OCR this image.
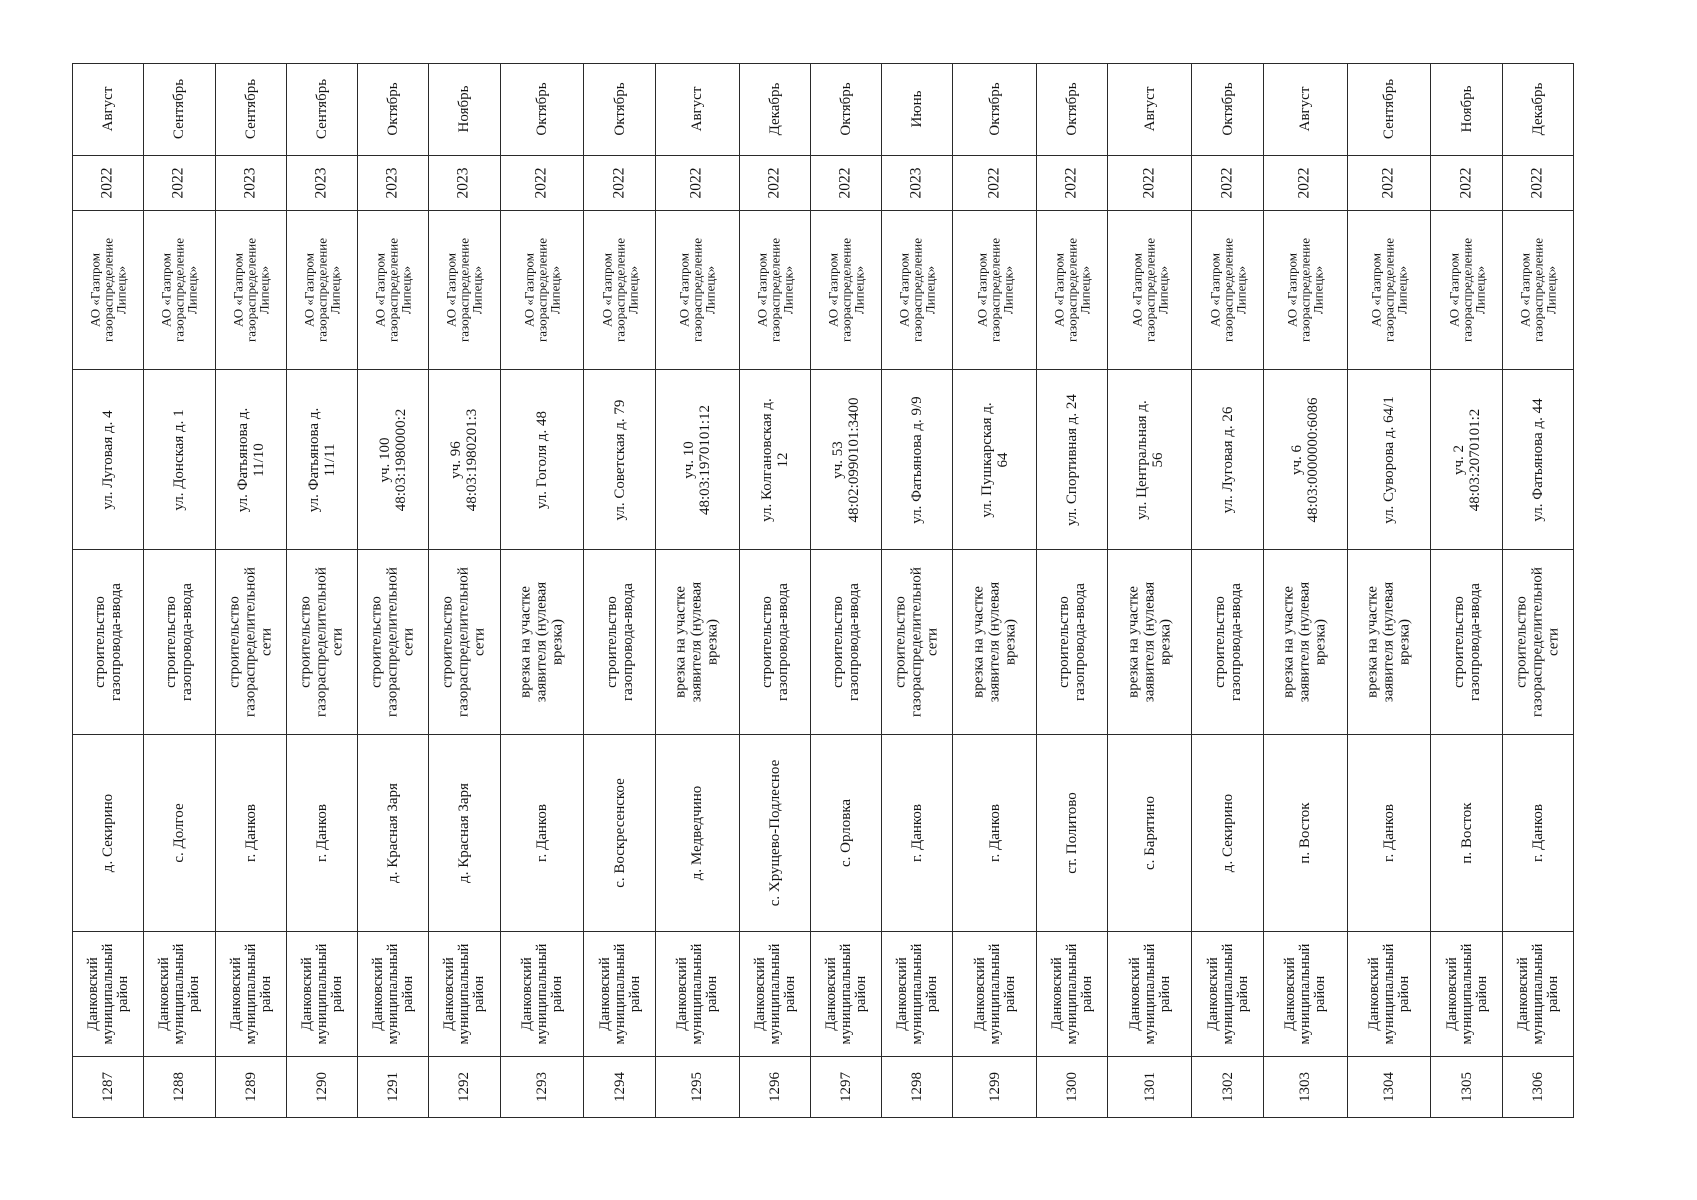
Август
2022
АО «Газпром
газораспределение
Липецк»
ул. Луговая д. 4
строительство
газопровода-ввода
д. Секирино
Данковский
муниципальный
район
1287
Сентябрь
2022
АО «Газпром
газораспределение
Липецк»
ул. Донская д. 1
строительство
газопровода-ввода
с. Долгое
Данковский
муниципальный
район
1288
Сентябрь
2023
АО «Газпром
газораспределение
Липецк»
ул. Фатьянова д.
11/10
строительство
газораспределительной
сети
г. Данков
Данковский
муниципальный
район
1289
Сентябрь
2023
АО «Газпром
газораспределение
Липецк»
ул. Фатьянова д.
11/11
строительство
газораспределительной
сети
г. Данков
Данковский
муниципальный
район
1290
Октябрь
2023
АО «Газпром
газораспределение
Липецк»
уч. 100
48:03:1980000:2
строительство
газораспределительной
сети
д. Красная Заря
Данковский
муниципальный
район
1291
Ноябрь
2023
АО «Газпром
газораспределение
Липецк»
уч. 96
48:03:1980201:3
строительство
газораспределительной
сети
д. Красная Заря
Данковский
муниципальный
район
1292
Октябрь
2022
АО «Газпром
газораспределение
Липецк»
ул. Гоголя д. 48
врезка на участке
заявителя (нулевая
врезка)
г. Данков
Данковский
муниципальный
район
1293
Октябрь
2022
АО «Газпром
газораспределение
Липецк»
ул. Советская д. 79
строительство
газопровода-ввода
с. Воскресенское
Данковский
муниципальный
район
1294
Август
2022
АО «Газпром
газораспределение
Липецк»
уч. 10
48:03:1970101:12
врезка на участке
заявителя (нулевая
врезка)
д. Медведчино
Данковский
муниципальный
район
1295
Декабрь
2022
АО «Газпром
газораспределение
Липецк»
ул. Колгановская д.
12
строительство
газопровода-ввода
с. Хрущево-Подлесное
Данковский
муниципальный
район
1296
Октябрь
2022
АО «Газпром
газораспределение
Липецк»
уч. 53
48:02:0990101:3400
строительство
газопровода-ввода
с. Орловка
Данковский
муниципальный
район
1297
Июнь
2023
АО «Газпром
газораспределение
Липецк»
ул. Фатьянова д. 9/9
строительство
газораспределительной
сети
г. Данков
Данковский
муниципальный
район
1298
Октябрь
2022
АО «Газпром
газораспределение
Липецк»
ул. Пушкарская д.
64
врезка на участке
заявителя (нулевая
врезка)
г. Данков
Данковский
муниципальный
район
1299
Октябрь
2022
АО «Газпром
газораспределение
Липецк»
ул. Спортивная д. 24
строительство
газопровода-ввода
ст. Политово
Данковский
муниципальный
район
1300
Август
2022
АО «Газпром
газораспределение
Липецк»
ул. Центральная д.
56
врезка на участке
заявителя (нулевая
врезка)
с. Барятино
Данковский
муниципальный
район
1301
Октябрь
2022
АО «Газпром
газораспределение
Липецк»
ул. Луговая д. 26
строительство
газопровода-ввода
д. Секирино
Данковский
муниципальный
район
1302
Август
2022
АО «Газпром
газораспределение
Липецк»
уч. 6
48:03:0000000:6086
врезка на участке
заявителя (нулевая
врезка)
п. Восток
Данковский
муниципальный
район
1303
Сентябрь
2022
АО «Газпром
газораспределение
Липецк»
ул. Суворова д. 64/1
врезка на участке
заявителя (нулевая
врезка)
г. Данков
Данковский
муниципальный
район
1304
Ноябрь
2022
АО «Газпром
газораспределение
Липецк»
уч. 2
48:03:2070101:2
строительство
газопровода-ввода
п. Восток
Данковский
муниципальный
район
1305
Декабрь
2022
АО «Газпром
газораспределение
Липецк»
ул. Фатьянова д. 44
строительство
газораспределительной
сети
г. Данков
Данковский
муниципальный
район
1306
